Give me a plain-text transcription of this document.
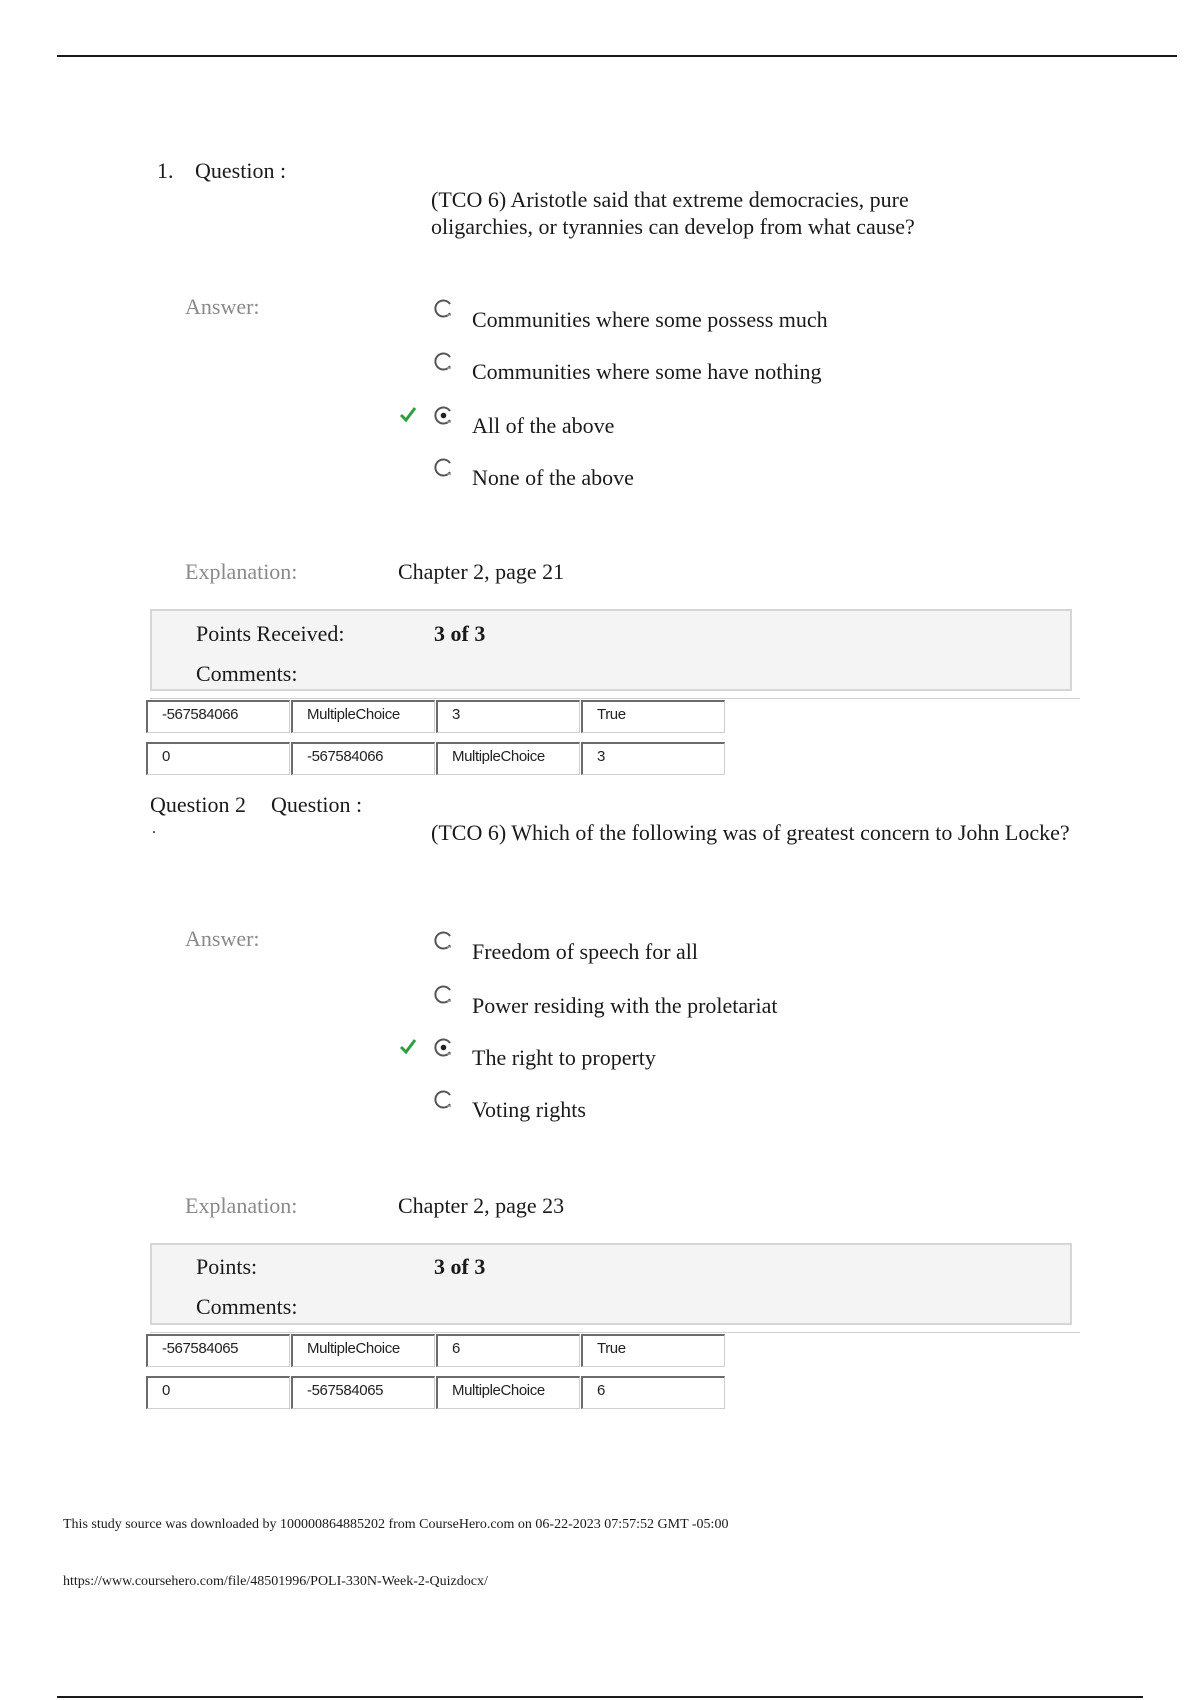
1. Question :
(TCO 6) Aristotle said that extreme democracies, pure oligarchies, or tyrannies can develop from what cause?
Answer:
Communities where some possess much
Communities where some have nothing
All of the above
None of the above
Explanation:	Chapter 2, page 21
Points Received:	3 of 3
Comments:
-567584066	MultipleChoice	3	True
0	-567584066	MultipleChoice	3
Question 2 Question :
.	(TCO 6) Which of the following was of greatest concern to John Locke?
Answer:
Freedom of speech for all
Power residing with the proletariat
The right to property
Voting rights
Explanation:	Chapter 2, page 23
Points:	3 of 3
Comments:
-567584065	MultipleChoice	6	True
0	-567584065	MultipleChoice	6
This study source was downloaded by 100000864885202 from CourseHero.com on 06-22-2023 07:57:52 GMT -05:00
https://www.coursehero.com/file/48501996/POLI-330N-Week-2-Quizdocx/
